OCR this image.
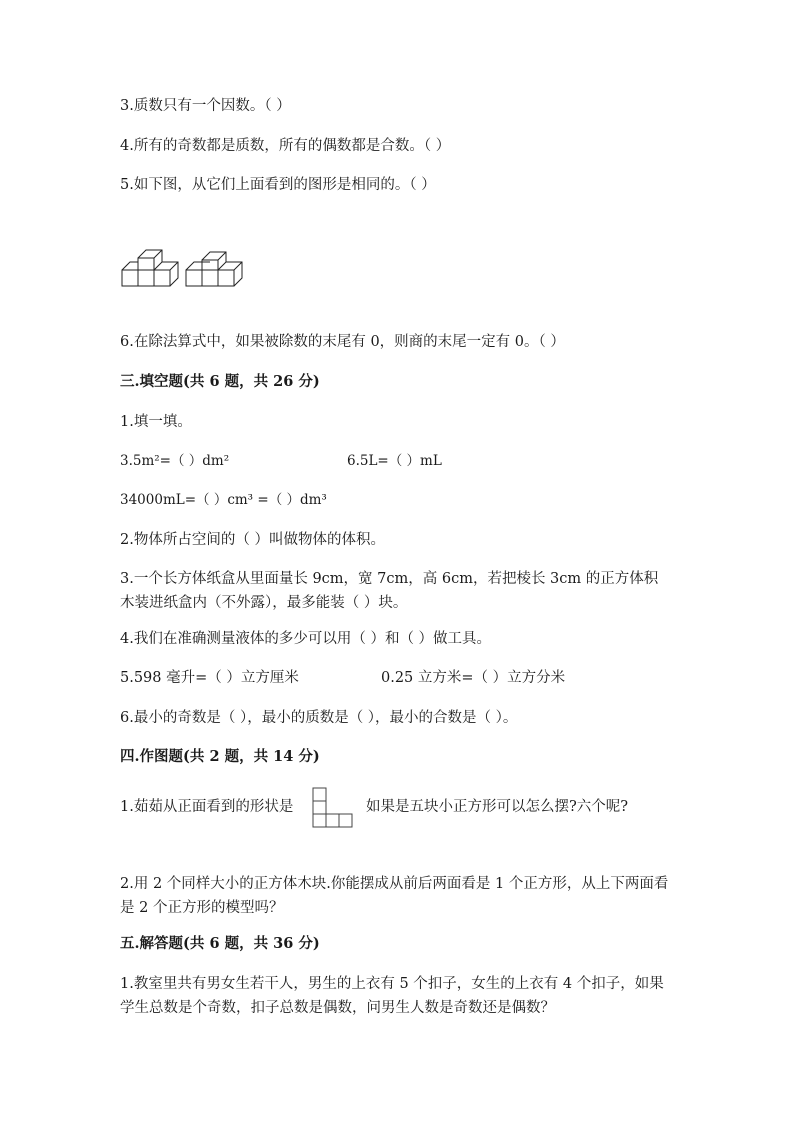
3.质数只有一个因数。（ ）
4.所有的奇数都是质数，所有的偶数都是合数。（ ）
5.如下图，从它们上面看到的图形是相同的。（ ）
6.在除法算式中，如果被除数的末尾有 0，则商的末尾一定有 0。（ ）
三.填空题(共 6 题，共 26 分)
1.填一填。
3.5m²=（ ）dm²	6.5L=（ ）mL
34000mL=（ ）cm³ =（ ）dm³
2.物体所占空间的（ ）叫做物体的体积。
3.一个长方体纸盒从里面量长 9cm，宽 7cm，高 6cm，若把棱长 3cm 的正方体积木装进纸盒内（不外露），最多能装（ ）块。
4.我们在准确测量液体的多少可以用（ ）和（ ）做工具。
5.598 毫升=（ ）立方厘米	0.25 立方米=（ ）立方分米
6.最小的奇数是（ ），最小的质数是（ ），最小的合数是（ ）。
四.作图题(共 2 题，共 14 分)
1.茹茹从正面看到的形状是	如果是五块小正方形可以怎么摆?六个呢?
2.用 2 个同样大小的正方体木块.你能摆成从前后两面看是 1 个正方形，从上下两面看是 2 个正方形的模型吗？
五.解答题(共 6 题，共 36 分)
1.教室里共有男女生若干人，男生的上衣有 5 个扣子，女生的上衣有 4 个扣子，如果学生总数是个奇数，扣子总数是偶数，问男生人数是奇数还是偶数？
